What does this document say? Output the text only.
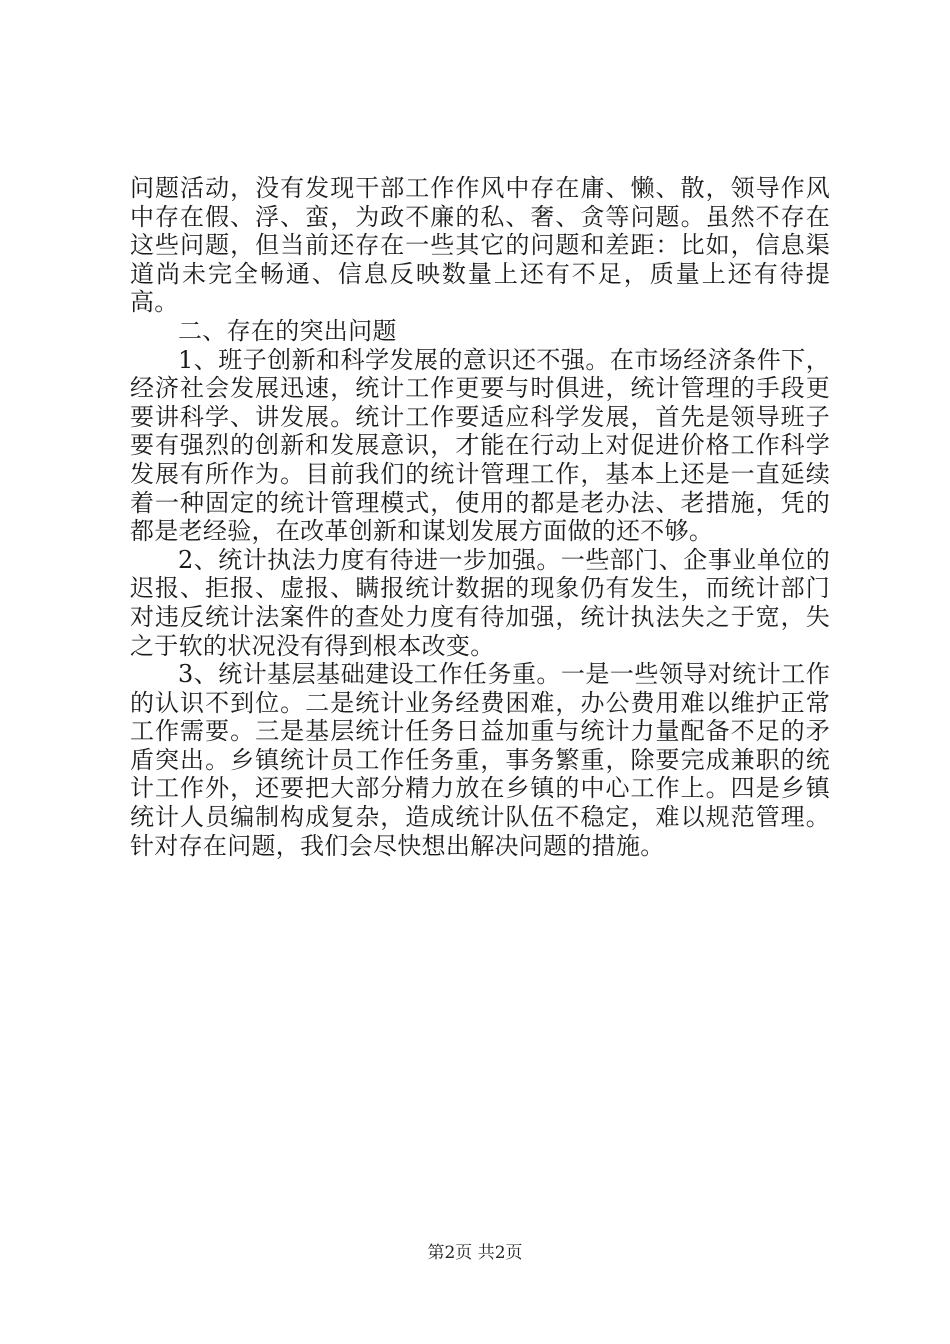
问题活动，没有发现干部工作作风中存在庸、懒、散，领导作风中存在假、浮、蛮，为政不廉的私、奢、贪等问题。虽然不存在这些问题，但当前还存在一些其它的问题和差距：比如，信息渠道尚未完全畅通、信息反映数量上还有不足，质量上还有待提高。

二、存在的突出问题

1、班子创新和科学发展的意识还不强。在市场经济条件下，经济社会发展迅速，统计工作更要与时俱进，统计管理的手段更要讲科学、讲发展。统计工作要适应科学发展，首先是领导班子要有强烈的创新和发展意识，才能在行动上对促进价格工作科学发展有所作为。目前我们的统计管理工作，基本上还是一直延续着一种固定的统计管理模式，使用的都是老办法、老措施，凭的都是老经验，在改革创新和谋划发展方面做的还不够。

2、统计执法力度有待进一步加强。一些部门、企事业单位的迟报、拒报、虚报、瞒报统计数据的现象仍有发生，而统计部门对违反统计法案件的查处力度有待加强，统计执法失之于宽，失之于软的状况没有得到根本改变。

3、统计基层基础建设工作任务重。一是一些领导对统计工作的认识不到位。二是统计业务经费困难，办公费用难以维护正常工作需要。三是基层统计任务日益加重与统计力量配备不足的矛盾突出。乡镇统计员工作任务重，事务繁重，除要完成兼职的统计工作外，还要把大部分精力放在乡镇的中心工作上。四是乡镇统计人员编制构成复杂，造成统计队伍不稳定，难以规范管理。针对存在问题，我们会尽快想出解决问题的措施。

第2页 共2页
